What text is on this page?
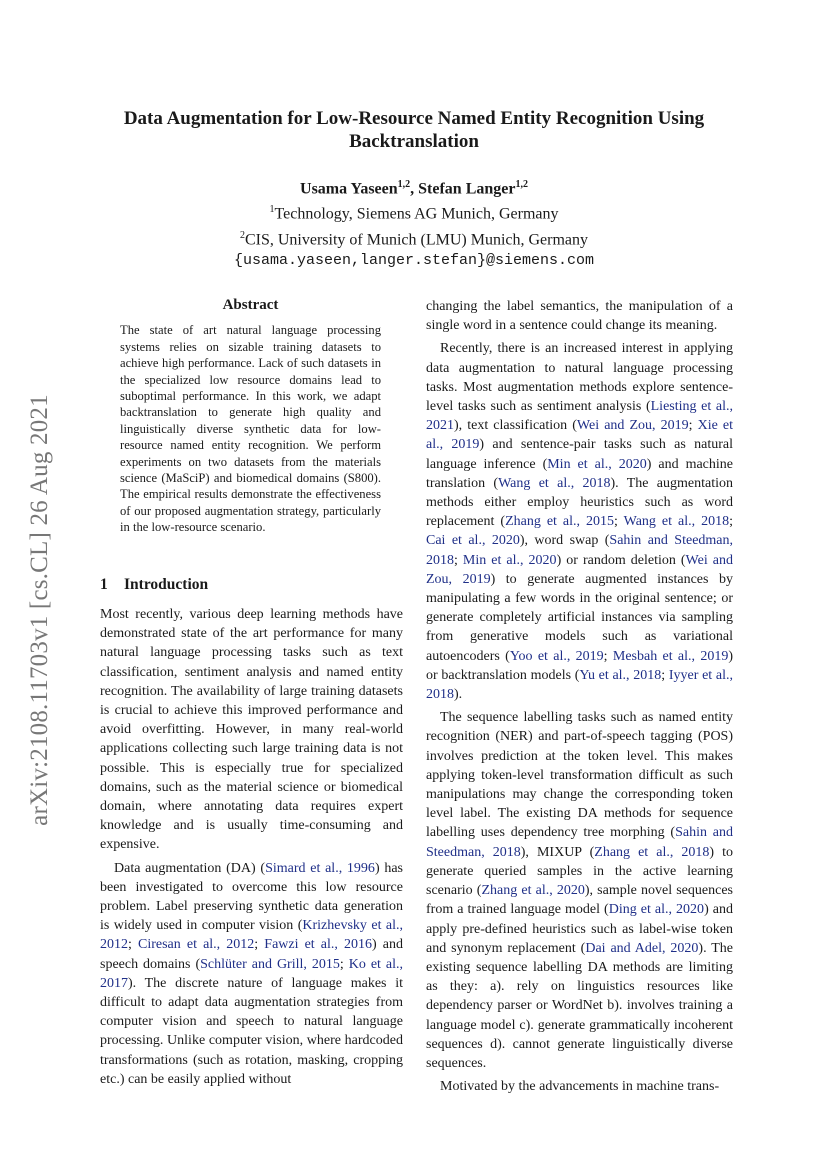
arXiv:2108.11703v1 [cs.CL] 26 Aug 2021
Data Augmentation for Low-Resource Named Entity Recognition Using Backtranslation
Usama Yaseen$^{1,2}$, Stefan Langer$^{1,2}$
$^1$Technology, Siemens AG Munich, Germany
$^2$CIS, University of Munich (LMU) Munich, Germany
{usama.yaseen,langer.stefan}@siemens.com
Abstract

The state of art natural language processing systems relies on sizable training datasets to achieve high performance. Lack of such datasets in the specialized low resource domains lead to suboptimal performance. In this work, we adapt backtranslation to generate high quality and linguistically diverse synthetic data for low-resource named entity recognition. We perform experiments on two datasets from the materials science (MaSciP) and biomedical domains (S800). The empirical results demonstrate the effectiveness of our proposed augmentation strategy, particularly in the low-resource scenario.

1 Introduction

Most recently, various deep learning methods have demonstrated state of the art performance for many natural language processing tasks such as text classification, sentiment analysis and named entity recognition. The availability of large training datasets is crucial to achieve this improved performance and avoid overfitting. However, in many real-world applications collecting such large training data is not possible. This is especially true for specialized domains, such as the material science or biomedical domain, where annotating data requires expert knowledge and is usually time-consuming and expensive.

Data augmentation (DA) (Simard et al., 1996) has been investigated to overcome this low resource problem. Label preserving synthetic data generation is widely used in computer vision (Krizhevsky et al., 2012; Ciresan et al., 2012; Fawzi et al., 2016) and speech domains (Schlüter and Grill, 2015; Ko et al., 2017). The discrete nature of language makes it difficult to adapt data augmentation strategies from computer vision and speech to natural language processing. Unlike computer vision, where hardcoded transformations (such as rotation, masking, cropping etc.) can be easily applied without

changing the label semantics, the manipulation of a single word in a sentence could change its meaning.

Recently, there is an increased interest in applying data augmentation to natural language processing tasks. Most augmentation methods explore sentence-level tasks such as sentiment analysis (Liesting et al., 2021), text classification (Wei and Zou, 2019; Xie et al., 2019) and sentence-pair tasks such as natural language inference (Min et al., 2020) and machine translation (Wang et al., 2018). The augmentation methods either employ heuristics such as word replacement (Zhang et al., 2015; Wang et al., 2018; Cai et al., 2020), word swap (Sahin and Steedman, 2018; Min et al., 2020) or random deletion (Wei and Zou, 2019) to generate augmented instances by manipulating a few words in the original sentence; or generate completely artificial instances via sampling from generative models such as variational autoencoders (Yoo et al., 2019; Mesbah et al., 2019) or backtranslation models (Yu et al., 2018; Iyyer et al., 2018).

The sequence labelling tasks such as named entity recognition (NER) and part-of-speech tagging (POS) involves prediction at the token level. This makes applying token-level transformation difficult as such manipulations may change the corresponding token level label. The existing DA methods for sequence labelling uses dependency tree morphing (Sahin and Steedman, 2018), MIXUP (Zhang et al., 2018) to generate queried samples in the active learning scenario (Zhang et al., 2020), sample novel sequences from a trained language model (Ding et al., 2020) and apply pre-defined heuristics such as label-wise token and synonym replacement (Dai and Adel, 2020). The existing sequence labelling DA methods are limiting as they: a). rely on linguistics resources like dependency parser or WordNet b). involves training a language model c). generate grammatically incoherent sequences d). cannot generate linguistically diverse sequences.

Motivated by the advancements in machine trans-
